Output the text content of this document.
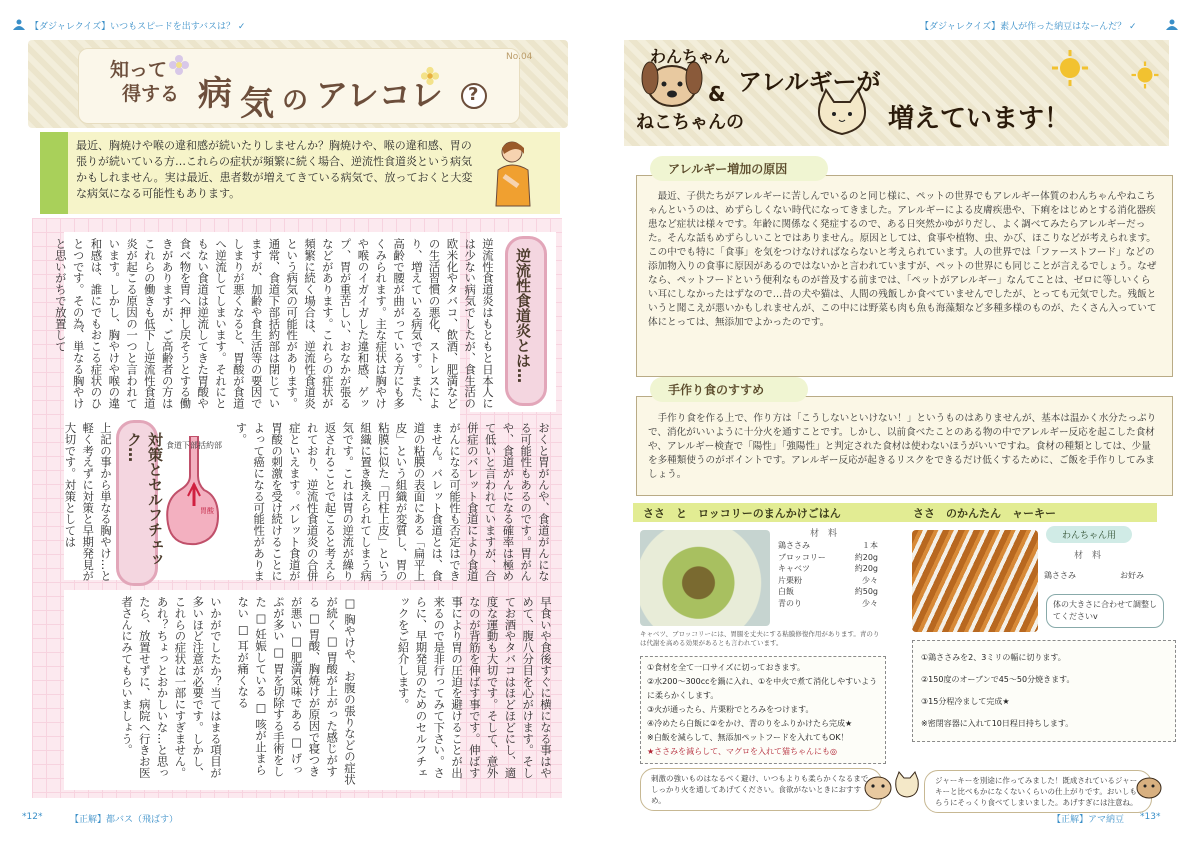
【ダジャレクイズ】いつもスピードを出すバスは？ ✓	【ダジャレクイズ】素人が作った納豆はなーんだ？ ✓
知って
得する 病 気 の アレコレ ?
No.04
最近、胸焼けや喉の違和感が続いたりしませんか？胸焼けや、喉の違和感、胃の張りが続いている方…これらの症状が頻繁に続く場合、逆流性食道炎という病気かもしれません。実は最近、患者数が増えてきている病気で、放っておくと大変な病気になる可能性もあります。
逆流性食道炎とは…
逆流性食道炎はもともと日本人には少ない病気でしたが、食生活の欧米化やタバコ、飲酒、肥満などの生活習慣の悪化、ストレスにより、増えている病気です。また、高齢で腰が曲がっている方にも多くみられます。主な症状は胸やけや喉のイガイガした違和感、ゲップ、胃が重苦しい、おなかが張るなどがあります。これらの症状が頻繁に続く場合は、逆流性食道炎という病気の可能性があります。通常、食道下部括約部は閉じていますが、加齢や食生活等の要因でしまりが悪くなると、胃酸が食道へ逆流してしまいます。それにともない食道は逆流してきた胃酸や食べ物を胃へ押し戻そうとする働きがありますが、ご高齢者の方はこれらの働きも低下し逆流性食道炎が起こる原因の一つと言われています。しかし、胸やけや喉の違和感は、誰にでもおこる症状のひとつです。その為、単なる胸やけと思いがちで放置して
おくと胃がんや、食道がんになる可能性もあるのです。胃がんや、食道がんになる確率は極めて低いと言われていますが、合併症のバレット食道により食道がんになる可能性も否定はできません。バレット食道とは、食道の粘膜の表面にある「扁平上皮」という組織が変質し、胃の粘膜に似た「円柱上皮」という組織に置き換えられてしまう病気です。これは胃の逆流が繰り返されることで起こると考えられており、逆流性食道炎の合併症といえます。バレット食道が胃酸の刺激を受け続けることによって癌になる可能性があります。
対策とセルフチェック…
上記の事から単なる胸やけ…と軽く考えずに対策と早期発見が大切です。対策としては	食道下部括約部
胃酸
早食いや食後すぐに横になる事はやめて、腹八分目を心がけます。そしてお酒やタバコはほどほどにし、適度な運動も大切です。そして、意外なのが背筋を伸ばす事です。伸ばす事により胃の圧迫を避けることが出来るので是非行ってみて下さい。さらに、早期発見のためのセルフチェックをご紹介します。
□ 胸やけや、お腹の張りなどの症状が続く □ 胃酸が上がった感じがする □ 胃酸、胸焼けが原因で寝つきが悪い □ 肥満気味である □ げっぷが多い □ 胃を切除する手術をした □ 妊娠している □ 咳が止まらない □ 耳が痛くなる
いかがでしたか？当てはまる項目が多いほど注意が必要です。しかし、これらの症状は一部にすぎません。あれ？ちょっとおかしいな…と思ったら、放置せずに、病院へ行きお医者さんにみてもらいましょう。
わんちゃん
&
ねこちゃんの
アレルギーが
増えています！
アレルギー増加の原因
　最近、子供たちがアレルギーに苦しんでいるのと同じ様に、ペットの世界でもアレルギー体質のわんちゃんやねこちゃんというのは、めずらしくない時代になってきました。アレルギーによる皮膚疾患や、下痢をはじめとする消化器疾患など症状は様々です。年齢に関係なく発症するので、ある日突然かゆがりだし、よく調べてみたらアレルギーだった。そんな話もめずらしいことではありません。原因としては、食事や植物、虫、かび、ほこりなどが考えられます。この中でも特に「食事」を気をつけなければならないと考えられています。人の世界では「ファーストフード」などの添加物入りの食事に原因があるのではないかと言われていますが、ペットの世界にも同じことが言えるでしょう。なぜなら、ペットフードという便利なものが普及する前までは、「ペットがアレルギー」なんてことは、ゼロに等しいくらい耳にしなかったはずなので…昔の犬や猫は、人間の残飯しか食べていませんでしたが、とっても元気でした。残飯というと聞こえが悪いかもしれませんが、この中には野菜も肉も魚も海藻類など多種多様のものが、たくさん入っていて体にとっては、無添加でよかったのです。
手作り食のすすめ
　手作り食を作る上で、作り方は「こうしないといけない！」というものはありませんが、基本は温かく水分たっぷりで、消化がいいように十分火を通すことです。しかし、以前食べたことのある物の中でアレルギー反応を起こした食材や、アレルギー検査で「陽性」「強陽性」と判定された食材は使わないほうがいいですね。食材の種類としては、少量を多種類使うのがポイントです。アレルギー反応が起きるリスクをできるだけ低くするために、ご飯を手作りしてみましょう。
ささ　と　ロッコリーのまんかけごはん
材　料
鶏ささみ	１本
ブロッコリー	約20g
キャベツ	約20g
片栗粉	少々
白飯	約50g
青のり	少々
キャベツ、ブロッコリーには、胃腸を丈夫にする粘膜修復作用があります。青のりは代謝を高める効果があるとも言われています。
①食材を全て一口サイズに切っておきます。
②水200〜300ccを鍋に入れ、①を中火で煮て消化しやすいように柔らかくします。
③火が通ったら、片栗粉でとろみをつけます。
④冷めたら白飯に②をかけ、青のりをふりかけたら完成★
※白飯を減らして、無添加ペットフードを入れてもOK！
★ささみを減らして、マグロを入れて猫ちゃんにも◎
刺激の強いものはなるべく避け、いつもよりも柔らかくなるまでしっかり火を通してあげてください。食欲がないときにおすすめ。
ささ　のかんたん　ャーキー
わんちゃん用
材　料
鶏ささみ	お好み
体の大きさに合わせて調整してくださいv
①鶏ささみを2、3ミリの幅に切ります。
②150度のオーブンで45〜50分焼きます。
③15分程冷まして完成★
※密閉容器に入れて10日程日持ちします。
ジャーキーを別途に作ってみました！既成されているジャーキーと比べもかになくないくらいの仕上がりです。おいしもらうにそっくり食べてしまいました。あげすぎには注意ね。
*12*	【正解】都バス（飛ばす）	【正解】アマ納豆 *13*
